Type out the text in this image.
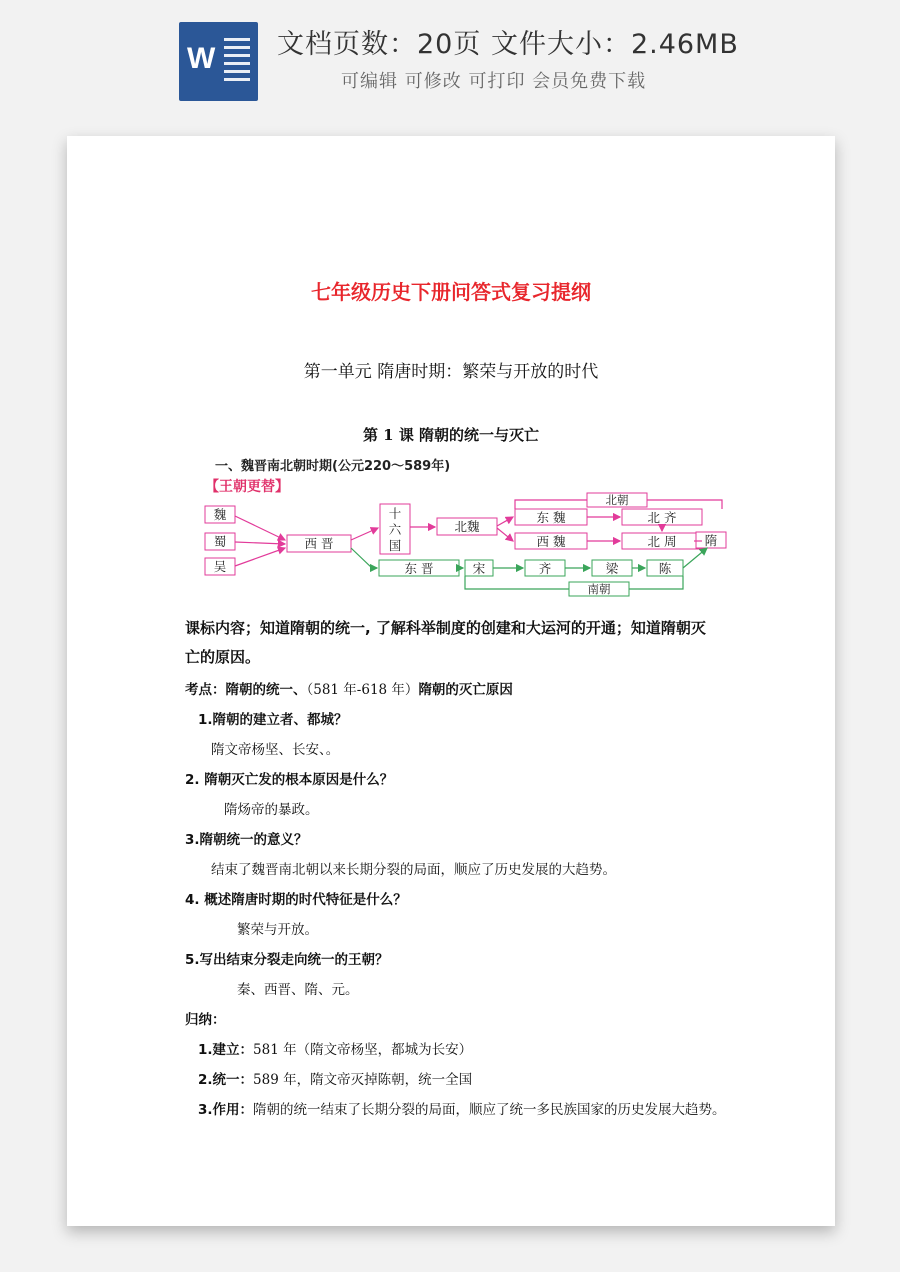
W 文档页数：20页 文件大小：2.46MB
可编辑 可修改 可打印 会员免费下载
七年级历史下册问答式复习提纲
第一单元 隋唐时期：繁荣与开放的时代
第 1 课 隋朝的统一与灭亡
一、魏晋南北朝时期(公元220～589年)
【王朝更替】
魏
蜀
吴
西 晋
十
六
国
北魏
东 魏
西 魏
北 齐
北 周 隋
北朝
东 晋	宋	齐	梁	陈
南朝
课标内容；知道隋朝的统一, 了解科举制度的创建和大运河的开通；知道隋朝灭
亡的原因。
考点：隋朝的统一、（581 年-618 年）隋朝的灭亡原因
1.隋朝的建立者、都城？
隋文帝杨坚、长安、。
2. 隋朝灭亡发的根本原因是什么？
隋炀帝的暴政。
3.隋朝统一的意义？
结束了魏晋南北朝以来长期分裂的局面，顺应了历史发展的大趋势。
4. 概述隋唐时期的时代特征是什么？
繁荣与开放。
5.写出结束分裂走向统一的王朝？
秦、西晋、隋、元。
归纳：
1.建立：581 年（隋文帝杨坚，都城为长安）
2.统一：589 年，隋文帝灭掉陈朝，统一全国
3.作用：隋朝的统一结束了长期分裂的局面，顺应了统一多民族国家的历史发展大趋势。
